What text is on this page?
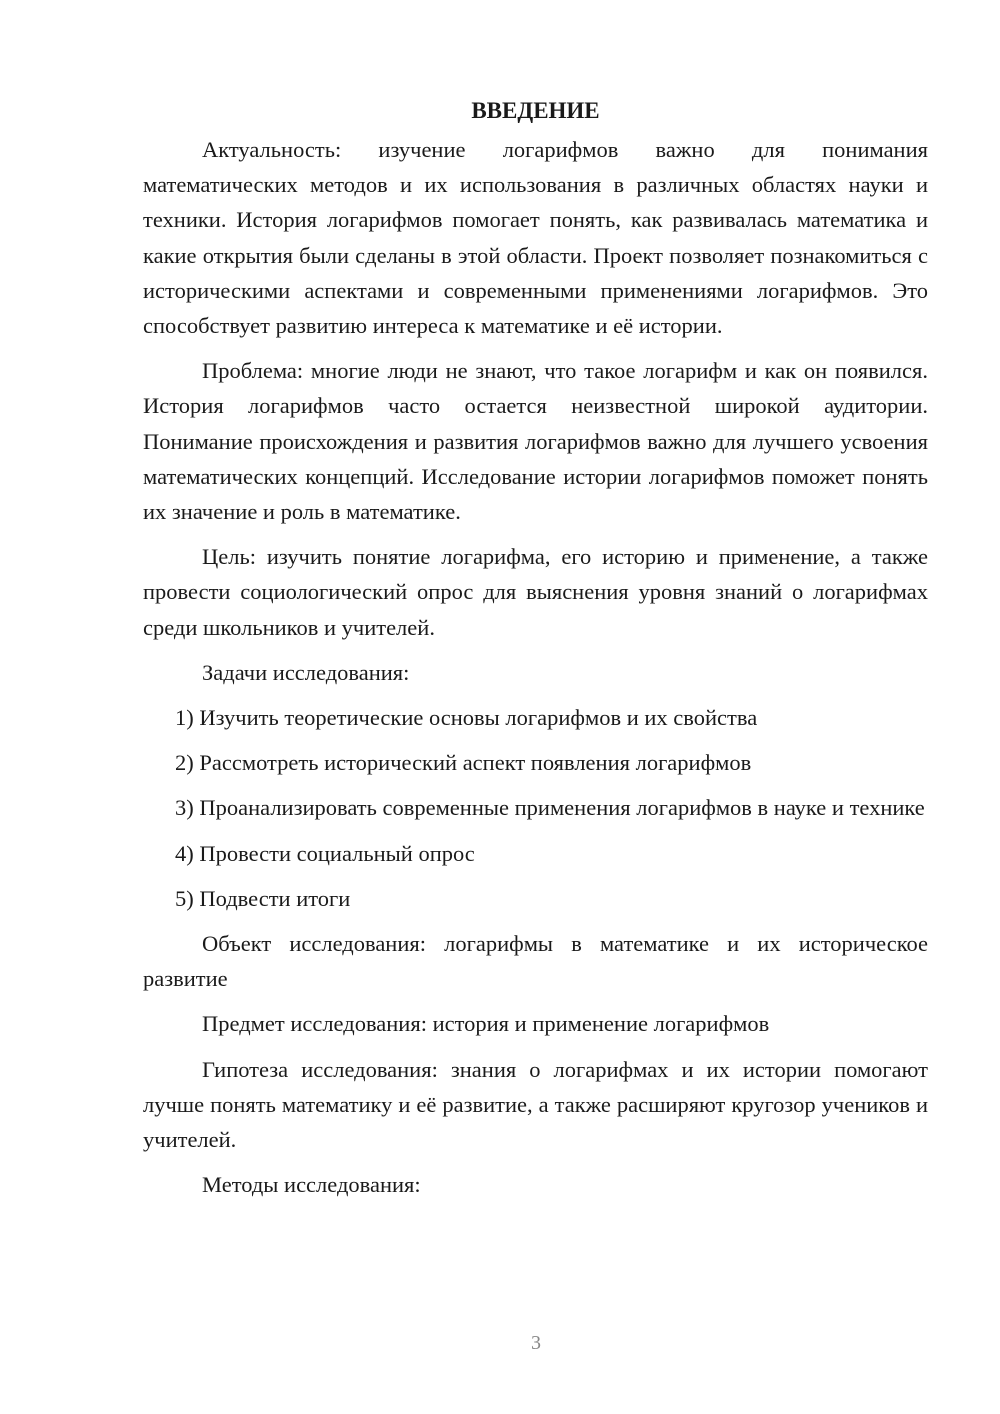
ВВЕДЕНИЕ

Актуальность: изучение логарифмов важно для понимания математических методов и их использования в различных областях науки и техники. История логарифмов помогает понять, как развивалась математика и какие открытия были сделаны в этой области. Проект позволяет познакомиться с историческими аспектами и современными применениями логарифмов. Это способствует развитию интереса к математике и её истории.

Проблема: многие люди не знают, что такое логарифм и как он появился. История логарифмов часто остается неизвестной широкой аудитории. Понимание происхождения и развития логарифмов важно для лучшего усвоения математических концепций. Исследование истории логарифмов поможет понять их значение и роль в математике.

Цель: изучить понятие логарифма, его историю и применение, а также провести социологический опрос для выяснения уровня знаний о логарифмах среди школьников и учителей.

Задачи исследования:

1) Изучить теоретические основы логарифмов и их свойства

2) Рассмотреть исторический аспект появления логарифмов

3) Проанализировать современные применения логарифмов в науке и технике

4) Провести социальный опрос

5) Подвести итоги

Объект исследования: логарифмы в математике и их историческое развитие

Предмет исследования: история и применение логарифмов

Гипотеза исследования: знания о логарифмах и их истории помогают лучше понять математику и её развитие, а также расширяют кругозор учеников и учителей.

Методы исследования:

3
